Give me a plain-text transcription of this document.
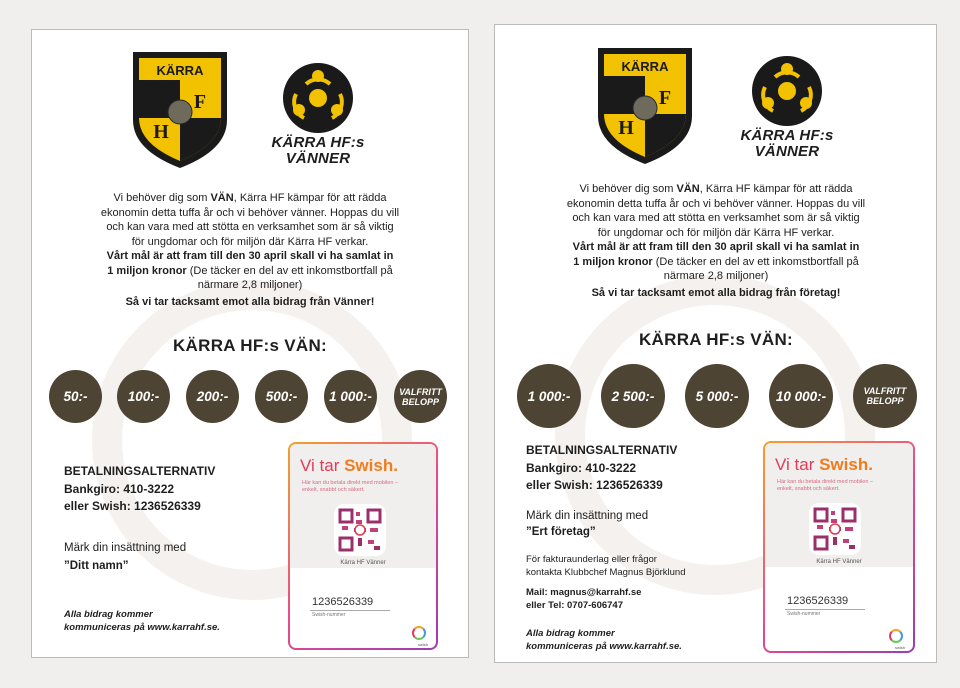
KÄRRA
H
F
KÄRRA HF:s
VÄNNER
Vi behöver dig som VÄN, Kärra HF kämpar för att rädda
ekonomin detta tuffa år och vi behöver vänner. Hoppas du vill
och kan vara med att stötta en verksamhet som är så viktig
för ungdomar och för miljön där Kärra HF verkar.
Vårt mål är att fram till den 30 april skall vi ha samlat in
1 miljon kronor (De täcker en del av ett inkomstbortfall på
närmare 2,8 miljoner)
Så vi tar tacksamt emot alla bidrag från Vänner!
KÄRRA HF:s VÄN:
50:-	100:-	200:-	500:-	1 000:-	VALFRITT
BELOPP
BETALNINGSALTERNATIV
Bankgiro: 410-3222
eller Swish: 1236526339
Märk din insättning med
”Ditt namn”
Alla bidrag kommer
kommuniceras på www.karrahf.se.
Vi tar Swish.
Här kan du betala direkt med mobilen – enkelt, snabbt och säkert.
Kärra HF Vänner
1236526339
Swish-nummer
swish
KÄRRA
H
F
KÄRRA HF:s
VÄNNER
Vi behöver dig som VÄN, Kärra HF kämpar för att rädda
ekonomin detta tuffa år och vi behöver vänner. Hoppas du vill
och kan vara med att stötta en verksamhet som är så viktig
för ungdomar och för miljön där Kärra HF verkar.
Vårt mål är att fram till den 30 april skall vi ha samlat in
1 miljon kronor (De täcker en del av ett inkomstbortfall på
närmare 2,8 miljoner)
Så vi tar tacksamt emot alla bidrag från företag!
KÄRRA HF:s VÄN:
1 000:-	2 500:-	5 000:-	10 000:-	VALFRITT
BELOPP
BETALNINGSALTERNATIV
Bankgiro: 410-3222
eller Swish: 1236526339
Märk din insättning med
”Ert företag”
För fakturaunderlag eller frågor
kontakta Klubbchef Magnus Björklund
Mail: magnus@karrahf.se
eller Tel: 0707-606747
Alla bidrag kommer
kommuniceras på www.karrahf.se.
Vi tar Swish.
Här kan du betala direkt med mobilen – enkelt, snabbt och säkert.
Kärra HF Vänner
1236526339
Swish-nummer
swish
